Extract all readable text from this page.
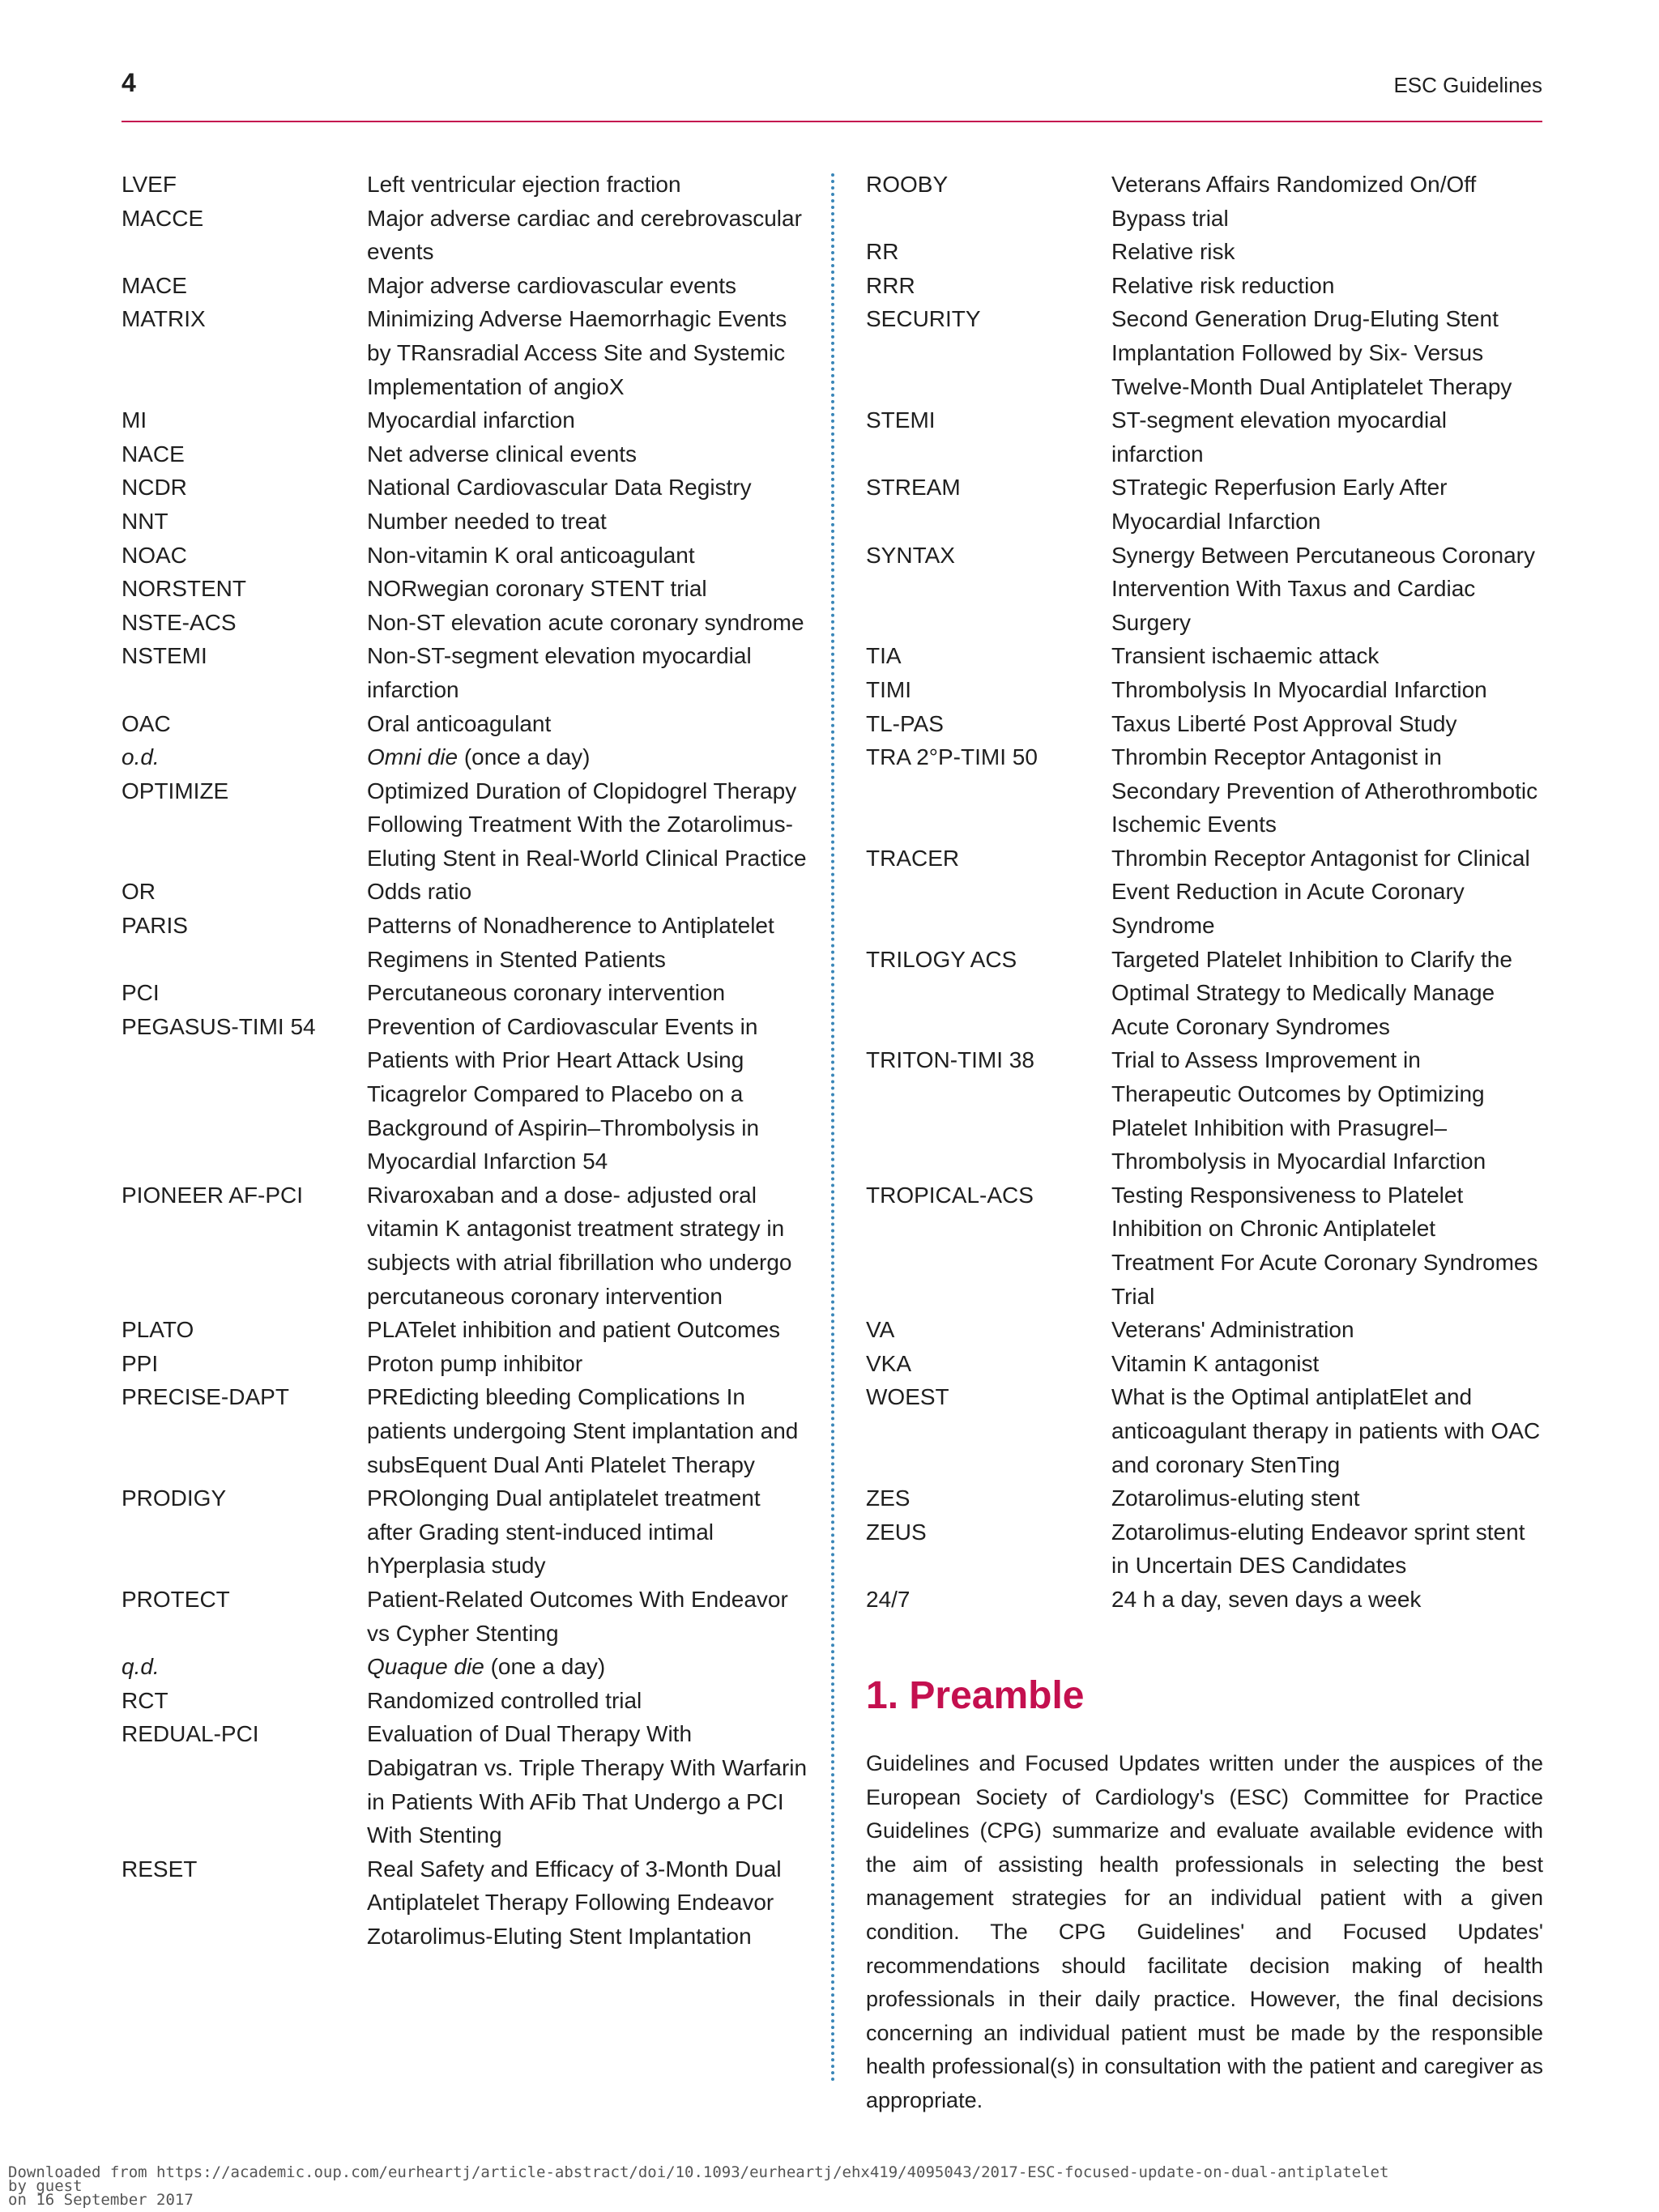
4	ESC Guidelines
LVEF	Left ventricular ejection fraction
MACCE	Major adverse cardiac and cerebrovascular events
MACE	Major adverse cardiovascular events
MATRIX	Minimizing Adverse Haemorrhagic Events by TRansradial Access Site and Systemic Implementation of angioX
MI	Myocardial infarction
NACE	Net adverse clinical events
NCDR	National Cardiovascular Data Registry
NNT	Number needed to treat
NOAC	Non-vitamin K oral anticoagulant
NORSTENT	NORwegian coronary STENT trial
NSTE-ACS	Non-ST elevation acute coronary syndrome
NSTEMI	Non-ST-segment elevation myocardial infarction
OAC	Oral anticoagulant
o.d.	Omni die (once a day)
OPTIMIZE	Optimized Duration of Clopidogrel Therapy Following Treatment With the Zotarolimus-Eluting Stent in Real-World Clinical Practice
OR	Odds ratio
PARIS	Patterns of Nonadherence to Antiplatelet Regimens in Stented Patients
PCI	Percutaneous coronary intervention
PEGASUS-TIMI 54	Prevention of Cardiovascular Events in Patients with Prior Heart Attack Using Ticagrelor Compared to Placebo on a Background of Aspirin–Thrombolysis in Myocardial Infarction 54
PIONEER AF-PCI	Rivaroxaban and a dose- adjusted oral vitamin K antagonist treatment strategy in subjects with atrial fibrillation who undergo percutaneous coronary intervention
PLATO	PLATelet inhibition and patient Outcomes
PPI	Proton pump inhibitor
PRECISE-DAPT	PREdicting bleeding Complications In patients undergoing Stent implantation and subsEquent Dual Anti Platelet Therapy
PRODIGY	PROlonging Dual antiplatelet treatment after Grading stent-induced intimal hYperplasia study
PROTECT	Patient-Related Outcomes With Endeavor vs Cypher Stenting
q.d.	Quaque die (one a day)
RCT	Randomized controlled trial
REDUAL-PCI	Evaluation of Dual Therapy With Dabigatran vs. Triple Therapy With Warfarin in Patients With AFib That Undergo a PCI With Stenting
RESET	Real Safety and Efficacy of 3-Month Dual Antiplatelet Therapy Following Endeavor Zotarolimus-Eluting Stent Implantation
ROOBY	Veterans Affairs Randomized On/Off Bypass trial
RR	Relative risk
RRR	Relative risk reduction
SECURITY	Second Generation Drug-Eluting Stent Implantation Followed by Six- Versus Twelve-Month Dual Antiplatelet Therapy
STEMI	ST-segment elevation myocardial infarction
STREAM	STrategic Reperfusion Early After Myocardial Infarction
SYNTAX	Synergy Between Percutaneous Coronary Intervention With Taxus and Cardiac Surgery
TIA	Transient ischaemic attack
TIMI	Thrombolysis In Myocardial Infarction
TL-PAS	Taxus Liberté Post Approval Study
TRA 2°P-TIMI 50	Thrombin Receptor Antagonist in Secondary Prevention of Atherothrombotic Ischemic Events
TRACER	Thrombin Receptor Antagonist for Clinical Event Reduction in Acute Coronary Syndrome
TRILOGY ACS	Targeted Platelet Inhibition to Clarify the Optimal Strategy to Medically Manage Acute Coronary Syndromes
TRITON-TIMI 38	Trial to Assess Improvement in Therapeutic Outcomes by Optimizing Platelet Inhibition with Prasugrel–Thrombolysis in Myocardial Infarction
TROPICAL-ACS	Testing Responsiveness to Platelet Inhibition on Chronic Antiplatelet Treatment For Acute Coronary Syndromes Trial
VA	Veterans' Administration
VKA	Vitamin K antagonist
WOEST	What is the Optimal antiplatElet and anticoagulant therapy in patients with OAC and coronary StenTing
ZES	Zotarolimus-eluting stent
ZEUS	Zotarolimus-eluting Endeavor sprint stent in Uncertain DES Candidates
24/7	24 h a day, seven days a week
1. Preamble

Guidelines and Focused Updates written under the auspices of the European Society of Cardiology's (ESC) Committee for Practice Guidelines (CPG) summarize and evaluate available evidence with the aim of assisting health professionals in selecting the best management strategies for an individual patient with a given condition. The CPG Guidelines' and Focused Updates' recommendations should facilitate decision making of health professionals in their daily practice. However, the final decisions concerning an individual patient must be made by the responsible health professional(s) in consultation with the patient and caregiver as appropriate.

Downloaded from https://academic.oup.com/eurheartj/article-abstract/doi/10.1093/eurheartj/ehx419/4095043/2017-ESC-focused-update-on-dual-antiplatelet
by guest
on 16 September 2017
